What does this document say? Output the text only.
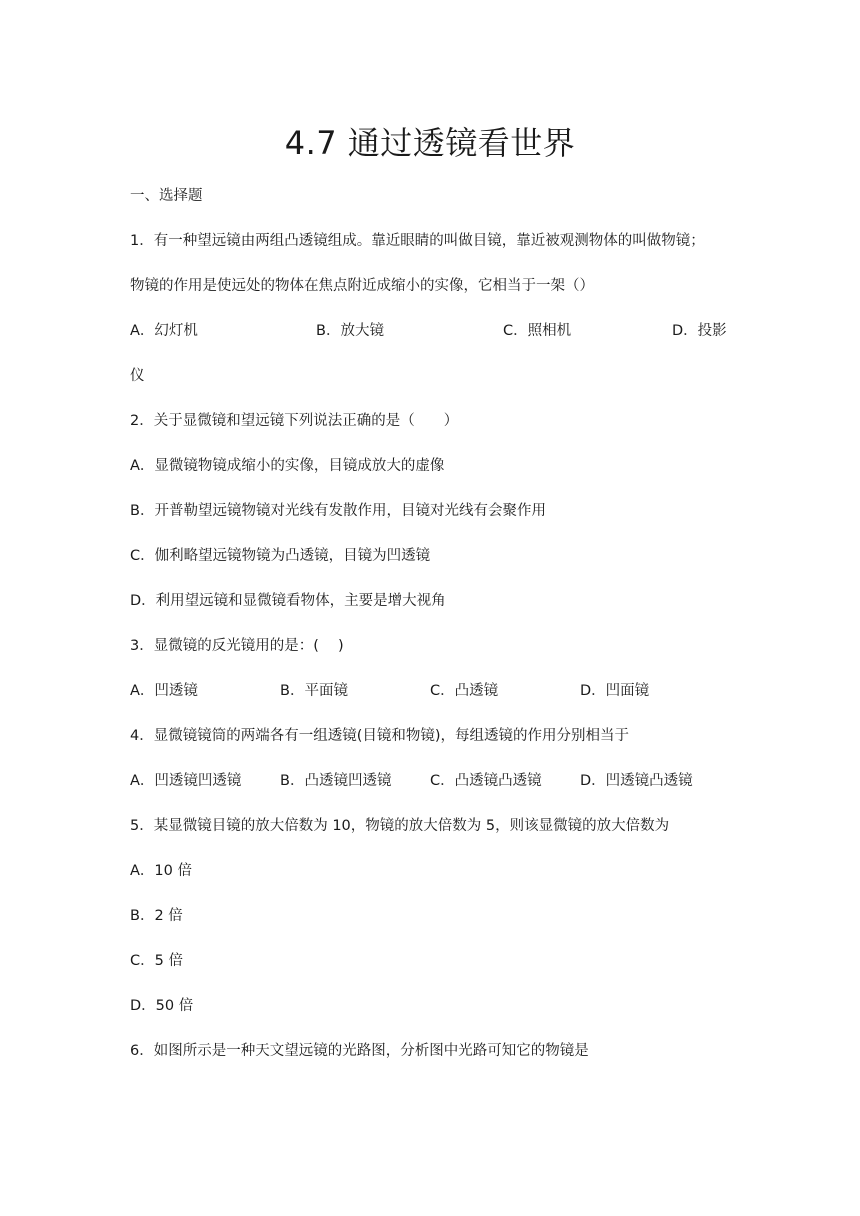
4.7 通过透镜看世界
一、选择题
1．有一种望远镜由两组凸透镜组成。靠近眼睛的叫做目镜，靠近被观测物体的叫做物镜；
物镜的作用是使远处的物体在焦点附近成缩小的实像，它相当于一架（）
A．幻灯机	B．放大镜	C．照相机	D．投影
仪
2．关于显微镜和望远镜下列说法正确的是（　　）
A．显微镜物镜成缩小的实像，目镜成放大的虚像
B．开普勒望远镜物镜对光线有发散作用，目镜对光线有会聚作用
C．伽利略望远镜物镜为凸透镜，目镜为凹透镜
D．利用望远镜和显微镜看物体，主要是增大视角
3．显微镜的反光镜用的是：(　 )
A．凹透镜	B．平面镜	C．凸透镜	D．凹面镜
4．显微镜镜筒的两端各有一组透镜(目镜和物镜)，每组透镜的作用分别相当于
A．凹透镜凹透镜	B．凸透镜凹透镜	C．凸透镜凸透镜	D．凹透镜凸透镜
5．某显微镜目镜的放大倍数为 10，物镜的放大倍数为 5，则该显微镜的放大倍数为
A．10 倍
B．2 倍
C．5 倍
D．50 倍
6．如图所示是一种天文望远镜的光路图，分析图中光路可知它的物镜是
